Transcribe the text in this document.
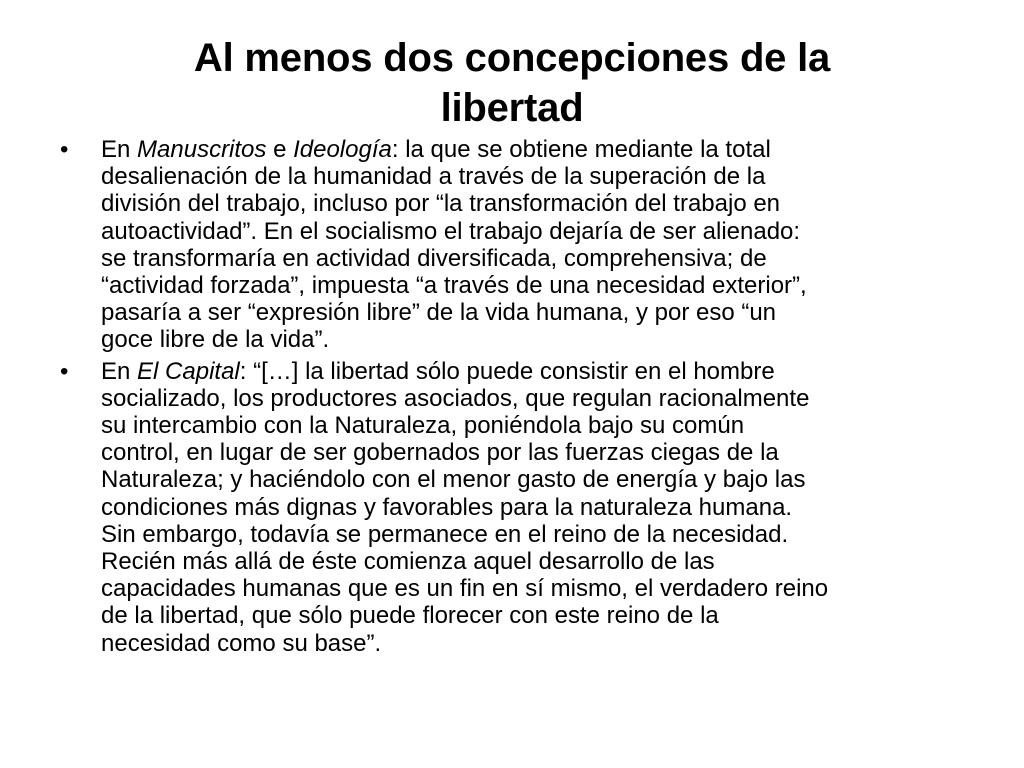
Al menos dos concepciones de la
libertad
• En Manuscritos e Ideología: la que se obtiene mediante la total
desalienación de la humanidad a través de la superación de la
división del trabajo, incluso por “la transformación del trabajo en
autoactividad”. En el socialismo el trabajo dejaría de ser alienado:
se transformaría en actividad diversificada, comprehensiva; de
“actividad forzada”, impuesta “a través de una necesidad exterior”,
pasaría a ser “expresión libre” de la vida humana, y por eso “un
goce libre de la vida”.
• En El Capital: “[…] la libertad sólo puede consistir en el hombre
socializado, los productores asociados, que regulan racionalmente
su intercambio con la Naturaleza, poniéndola bajo su común
control, en lugar de ser gobernados por las fuerzas ciegas de la
Naturaleza; y haciéndolo con el menor gasto de energía y bajo las
condiciones más dignas y favorables para la naturaleza humana.
Sin embargo, todavía se permanece en el reino de la necesidad.
Recién más allá de éste comienza aquel desarrollo de las
capacidades humanas que es un fin en sí mismo, el verdadero reino
de la libertad, que sólo puede florecer con este reino de la
necesidad como su base”.
